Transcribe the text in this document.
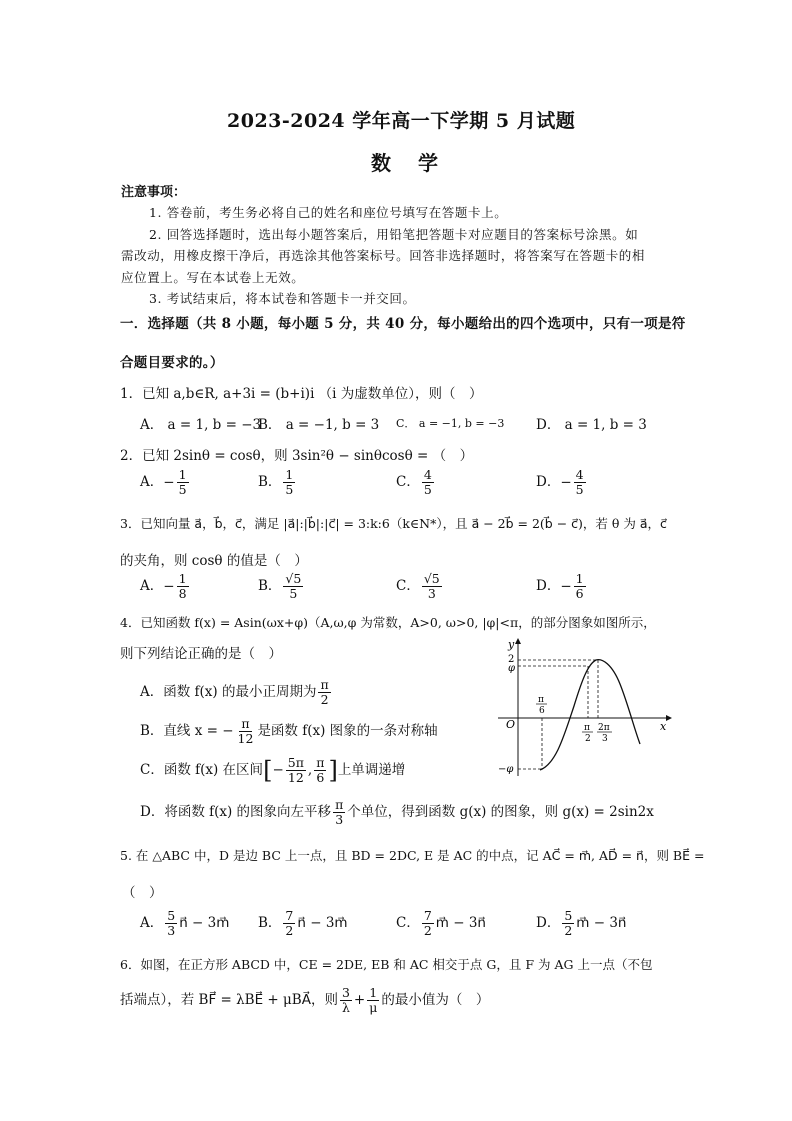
2023-2024 学年高一下学期 5 月试题
数 学
注意事项：
1. 答卷前，考生务必将自己的姓名和座位号填写在答题卡上。
2. 回答选择题时，选出每小题答案后，用铅笔把答题卡对应题目的答案标号涂黑。如
需改动，用橡皮擦干净后，再选涂其他答案标号。回答非选择题时，将答案写在答题卡的相
应位置上。写在本试卷上无效。
3. 考试结束后，将本试卷和答题卡一并交回。
一．选择题（共 8 小题，每小题 5 分，共 40 分，每小题给出的四个选项中，只有一项是符
合题目要求的。）
1．已知 a,b∈R, a+3i = (b+i)i （i 为虚数单位），则（　）
A． a = 1, b = −3
B． a = −1, b = 3 C． a = −1, b = −3 D． a = 1, b = 3
2．已知 2sinθ = cosθ，则 3sin²θ − sinθcosθ = （　）
A．− $\frac{1}{5}$	B． $\frac{1}{5}$	C． $\frac{4}{5}$	D．− $\frac{4}{5}$
3．已知向量 a⃗，b⃗，c⃗，满足 |a⃗|:|b⃗|:|c⃗| = 3:k:6（k∈N*），且 a⃗ − 2b⃗ = 2(b⃗ − c⃗)，若 θ 为 a⃗，c⃗
的夹角，则 cosθ 的值是（　）
A．− $\frac{1}{8}$	B． $\frac{√5}{5}$	C． $\frac{√5}{3}$	D．− $\frac{1}{6}$
4．已知函数 f(x) = Asin(ωx+φ)（A,ω,φ 为常数，A>0, ω>0, |φ|<π，的部分图象如图所示，
则下列结论正确的是（　）
A．函数 f(x) 的最小正周期为 $\frac{\pi}{2}$
B．直线 x = − $\frac{\pi}{12}$ 是函数 f(x) 图象的一条对称轴
C．函数 f(x) 在区间[− $\frac{5\pi}{12}$ , $\frac{\pi}{6}$ ]上单调递增
D．将函数 f(x) 的图象向左平移 $\frac{\pi}{3}$ 个单位，得到函数 g(x) 的图象，则 g(x) = 2sin2x
y
x
O
2
φ
−φ
π
6
π
2
2π
3
5. 在 △ABC 中，D 是边 BC 上一点，且 BD = 2DC, E 是 AC 的中点，记 AC⃗ = m⃗, AD⃗ = n⃗，则 BE⃗ =
（　）
A． $\frac{5}{3}$ n⃗ − 3m⃗ B． $\frac{7}{2}$ n⃗ − 3m⃗	C． $\frac{7}{2}$ m⃗ − 3n⃗	D． $\frac{5}{2}$ m⃗ − 3n⃗
6．如图，在正方形 ABCD 中，CE = 2DE, EB 和 AC 相交于点 G，且 F 为 AG 上一点（不包
括端点），若 BF⃗ = λBE⃗ + μBA⃗，则 $\frac{3}{\lambda} + \frac{1}{\mu}$ 的最小值为（　）
